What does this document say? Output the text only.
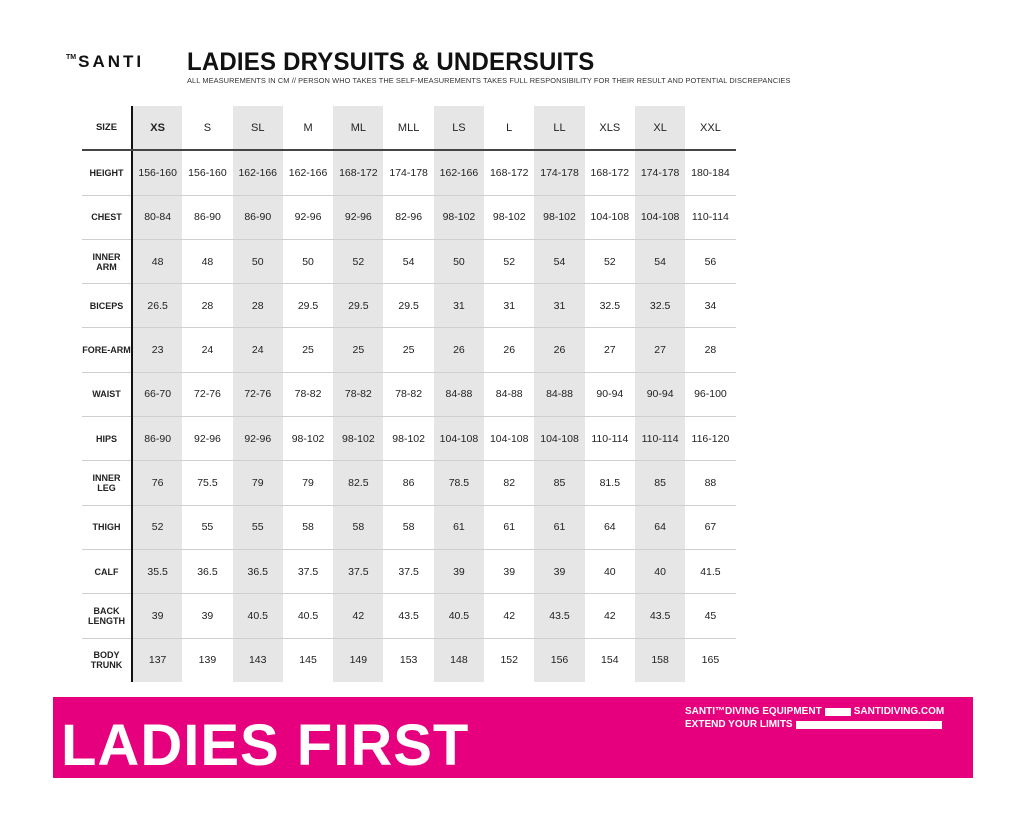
™ SANTI LADIES DRYSUITS & UNDERSUITS
ALL MEASUREMENTS IN CM // PERSON WHO TAKES THE SELF-MEASUREMENTS TAKES FULL RESPONSIBILITY FOR THEIR RESULT AND POTENTIAL DISCREPANCIES
SIZE	XS	S	SL	M	ML	MLL	LS	L	LL	XLS	XL	XXL
HEIGHT	156-160	156-160	162-166	162-166	168-172	174-178	162-166	168-172	174-178	168-172	174-178	180-184
CHEST	80-84	86-90	86-90	92-96	92-96	82-96	98-102	98-102	98-102	104-108	104-108	110-114
INNER ARM	48	48	50	50	52	54	50	52	54	52	54	56
BICEPS	26.5	28	28	29.5	29.5	29.5	31	31	31	32.5	32.5	34
FORE-ARM	23	24	24	25	25	25	26	26	26	27	27	28
WAIST	66-70	72-76	72-76	78-82	78-82	78-82	84-88	84-88	84-88	90-94	90-94	96-100
HIPS	86-90	92-96	92-96	98-102	98-102	98-102	104-108	104-108	104-108	110-114	110-114	116-120
INNER LEG	76	75.5	79	79	82.5	86	78.5	82	85	81.5	85	88
THIGH	52	55	55	58	58	58	61	61	61	64	64	67
CALF	35.5	36.5	36.5	37.5	37.5	37.5	39	39	39	40	40	41.5
BACK LENGTH	39	39	40.5	40.5	42	43.5	40.5	42	43.5	42	43.5	45
BODY TRUNK	137	139	143	145	149	153	148	152	156	154	158	165
LADIES FIRST
SANTI™DIVING EQUIPMENT	SANTIDIVING.COM
EXTEND YOUR LIMITS
